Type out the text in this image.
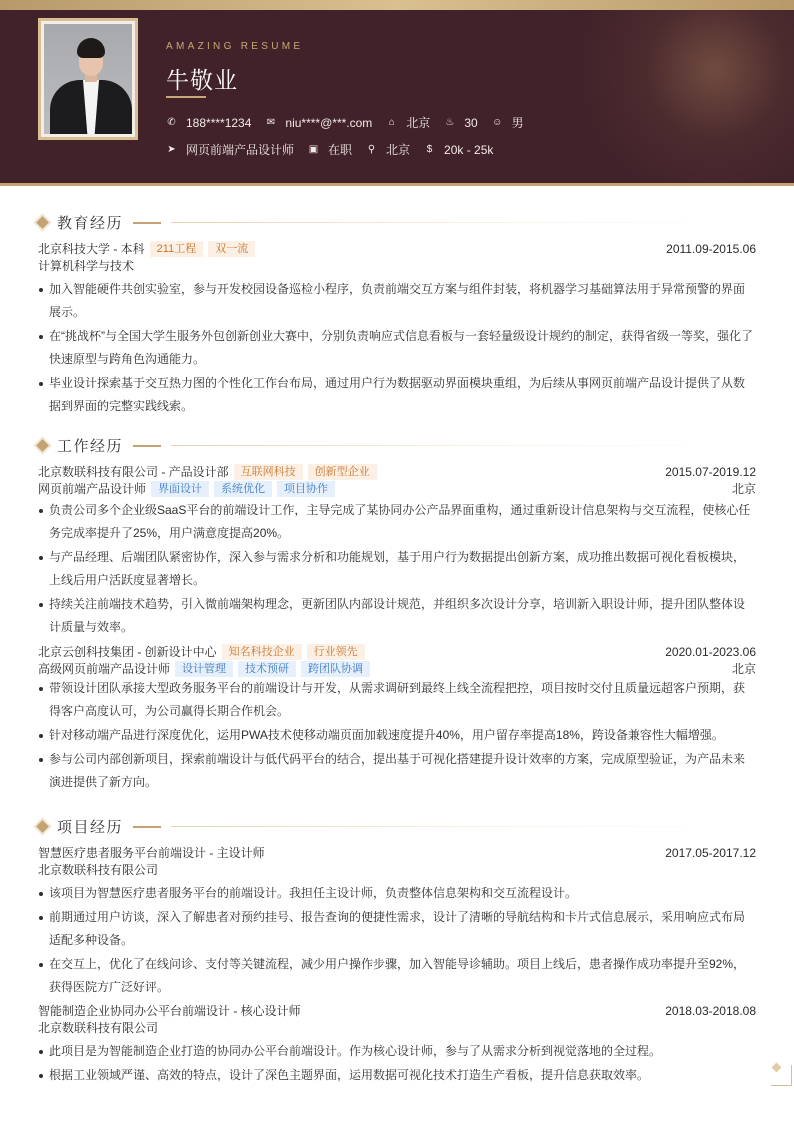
AMAZING RESUME
牛敬业
✆ 188****1234 ✉ niu****@***.com ⌂ 北京 ♨ 30 ☺ 男
➤ 网页前端产品设计师 ▣ 在职 ⚲ 北京 $ 20k - 25k
教育经历
北京科技大学 - 本科	211工程	双一流	2011.09-2015.06
计算机科学与技术
加入智能硬件共创实验室，参与开发校园设备巡检小程序，负责前端交互方案与组件封装，将机器学习基础算法用于异常预警的界面展示。
在“挑战杯”与全国大学生服务外包创新创业大赛中，分别负责响应式信息看板与一套轻量级设计规约的制定，获得省级一等奖，强化了快速原型与跨角色沟通能力。
毕业设计探索基于交互热力图的个性化工作台布局，通过用户行为数据驱动界面模块重组，为后续从事网页前端产品设计提供了从数据到界面的完整实践线索。
工作经历
北京数联科技有限公司 - 产品设计部	互联网科技	创新型企业	2015.07-2019.12
网页前端产品设计师	界面设计	系统优化	项目协作	北京
负责公司多个企业级SaaS平台的前端设计工作，主导完成了某协同办公产品界面重构，通过重新设计信息架构与交互流程，使核心任务完成率提升了25%，用户满意度提高20%。
与产品经理、后端团队紧密协作，深入参与需求分析和功能规划，基于用户行为数据提出创新方案，成功推出数据可视化看板模块，上线后用户活跃度显著增长。
持续关注前端技术趋势，引入微前端架构理念，更新团队内部设计规范，并组织多次设计分享，培训新入职设计师，提升团队整体设计质量与效率。
北京云创科技集团 - 创新设计中心	知名科技企业	行业领先	2020.01-2023.06
高级网页前端产品设计师	设计管理	技术预研	跨团队协调	北京
带领设计团队承接大型政务服务平台的前端设计与开发，从需求调研到最终上线全流程把控，项目按时交付且质量远超客户预期，获得客户高度认可，为公司赢得长期合作机会。
针对移动端产品进行深度优化，运用PWA技术使移动端页面加载速度提升40%，用户留存率提高18%，跨设备兼容性大幅增强。
参与公司内部创新项目，探索前端设计与低代码平台的结合，提出基于可视化搭建提升设计效率的方案，完成原型验证，为产品未来演进提供了新方向。
项目经历
智慧医疗患者服务平台前端设计 - 主设计师	2017.05-2017.12
北京数联科技有限公司
该项目为智慧医疗患者服务平台的前端设计。我担任主设计师，负责整体信息架构和交互流程设计。
前期通过用户访谈，深入了解患者对预约挂号、报告查询的便捷性需求，设计了清晰的导航结构和卡片式信息展示，采用响应式布局适配多种设备。
在交互上，优化了在线问诊、支付等关键流程，减少用户操作步骤，加入智能导诊辅助。项目上线后，患者操作成功率提升至92%，获得医院方广泛好评。
智能制造企业协同办公平台前端设计 - 核心设计师	2018.03-2018.08
北京数联科技有限公司
此项目是为智能制造企业打造的协同办公平台前端设计。作为核心设计师，参与了从需求分析到视觉落地的全过程。
根据工业领域严谨、高效的特点，设计了深色主题界面，运用数据可视化技术打造生产看板，提升信息获取效率。
